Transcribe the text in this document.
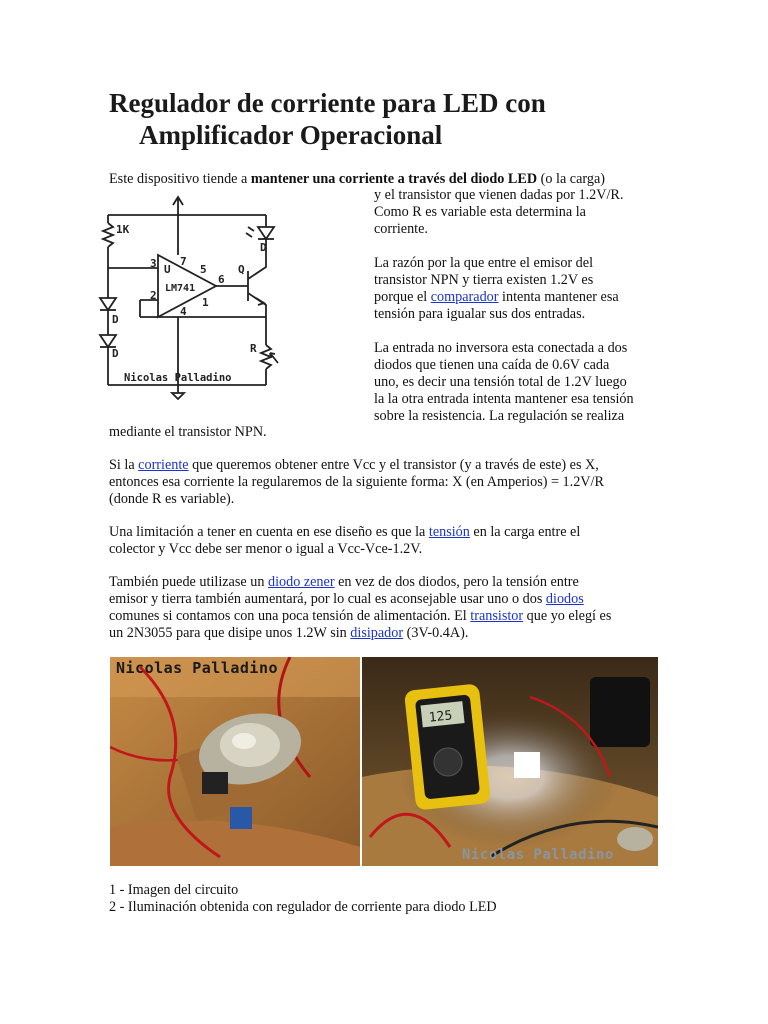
Regulador de corriente para LED con
Amplificador Operacional

Este dispositivo tiende a mantener una corriente a través del diodo LED (o la carga)

1K
3
2
7
4
5
6
1
U
LM741
Q
D
D
D	R
Nicolas Palladino

y el transistor que vienen dadas por 1.2V/R.

Como R es variable esta determina la

corriente.

La razón por la que entre el emisor del

transistor NPN y tierra existen 1.2V es

porque el comparador intenta mantener esa

tensión para igualar sus dos entradas.

La entrada no inversora esta conectada a dos

diodos que tienen una caída de 0.6V cada

uno, es decir una tensión total de 1.2V luego

la la otra entrada intenta mantener esa tensión

sobre la resistencia. La regulación se realiza

mediante el transistor NPN.

Si la corriente que queremos obtener entre Vcc y el transistor (y a través de este) es X,

entonces esa corriente la regularemos de la siguiente forma: X (en Amperios) = 1.2V/R

(donde R es variable).

Una limitación a tener en cuenta en ese diseño es que la tensión en la carga entre el

colector y Vcc debe ser menor o igual a Vcc-Vce-1.2V.

También puede utilizase un diodo zener en vez de dos diodos, pero la tensión entre

emisor y tierra también aumentará, por lo cual es aconsejable usar uno o dos diodos

comunes si contamos con una poca tensión de alimentación. El transistor que yo elegí es

un 2N3055 para que disipe unos 1.2W sin disipador (3V-0.4A).

125
Nicolas Palladino
Nicolas Palladino

1 - Imagen del circuito

2 - Iluminación obtenida con regulador de corriente para diodo LED
